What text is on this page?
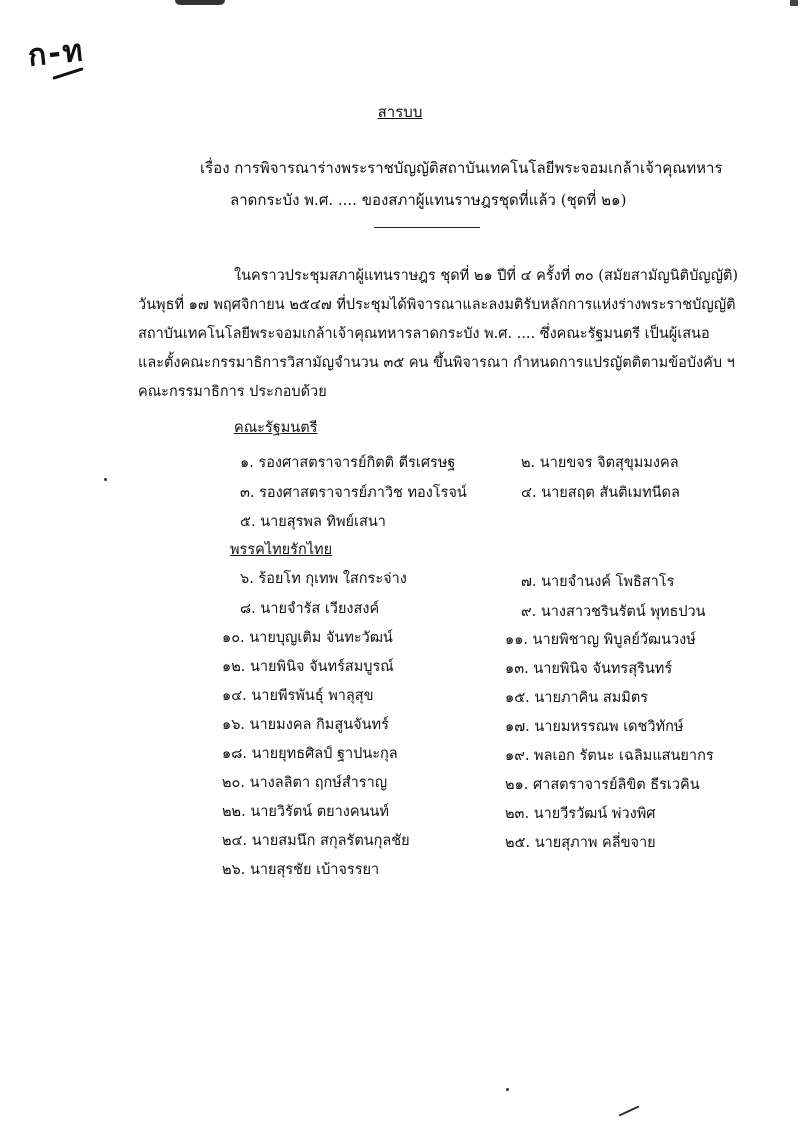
ก-ท
สารบบ
เรื่อง การพิจารณาร่างพระราชบัญญัติสถาบันเทคโนโลยีพระจอมเกล้าเจ้าคุณทหาร
ลาดกระบัง พ.ศ. .... ของสภาผู้แทนราษฎรชุดที่แล้ว (ชุดที่ ๒๑)
ในคราวประชุมสภาผู้แทนราษฎร ชุดที่ ๒๑ ปีที่ ๔ ครั้งที่ ๓๐ (สมัยสามัญนิติบัญญัติ)
วันพุธที่ ๑๗ พฤศจิกายน ๒๕๔๗ ที่ประชุมได้พิจารณาและลงมติรับหลักการแห่งร่างพระราชบัญญัติ
สถาบันเทคโนโลยีพระจอมเกล้าเจ้าคุณทหารลาดกระบัง พ.ศ. .... ซึ่งคณะรัฐมนตรี เป็นผู้เสนอ
และตั้งคณะกรรมาธิการวิสามัญจำนวน ๓๕ คน ขึ้นพิจารณา กำหนดการแปรญัตติตามข้อบังคับ ฯ
คณะกรรมาธิการ ประกอบด้วย
คณะรัฐมนตรี
๑. รองศาสตราจารย์กิตติ ตีรเศรษฐ	๒. นายขจร จิตสุขุมมงคล
๓. รองศาสตราจารย์ภาวิช ทองโรจน์	๔. นายสฤต สันติเมทนีดล
๕. นายสุรพล ทิพย์เสนา
พรรคไทยรักไทย
๖. ร้อยโท กุเทพ ใสกระจ่าง	๗. นายจำนงค์ โพธิสาโร
๘. นายจำรัส เวียงสงค์	๙. นางสาวชรินรัตน์ พุทธปวน
๑๐. นายบุญเติม จันทะวัฒน์	๑๑. นายพิชาญ พิบูลย์วัฒนวงษ์
๑๒. นายพินิจ จันทร์สมบูรณ์	๑๓. นายพินิจ จันทรสุรินทร์
๑๔. นายพีรพันธุ์ พาลุสุข	๑๕. นายภาคิน สมมิตร
๑๖. นายมงคล กิมสูนจันทร์	๑๗. นายมหรรณพ เดชวิทักษ์
๑๘. นายยุทธศิลป์ ฐาปนะกุล	๑๙. พลเอก รัตนะ เฉลิมแสนยากร
๒๐. นางลลิตา ฤกษ์สำราญ	๒๑. ศาสตราจารย์ลิขิต ธีรเวคิน
๒๒. นายวิรัตน์ ตยางคนนท์	๒๓. นายวีรวัฒน์ พ่วงพิศ
๒๔. นายสมนึก สกุลรัตนกุลชัย	๒๕. นายสุภาพ คลี่ขจาย
๒๖. นายสุรชัย เบ้าจรรยา
